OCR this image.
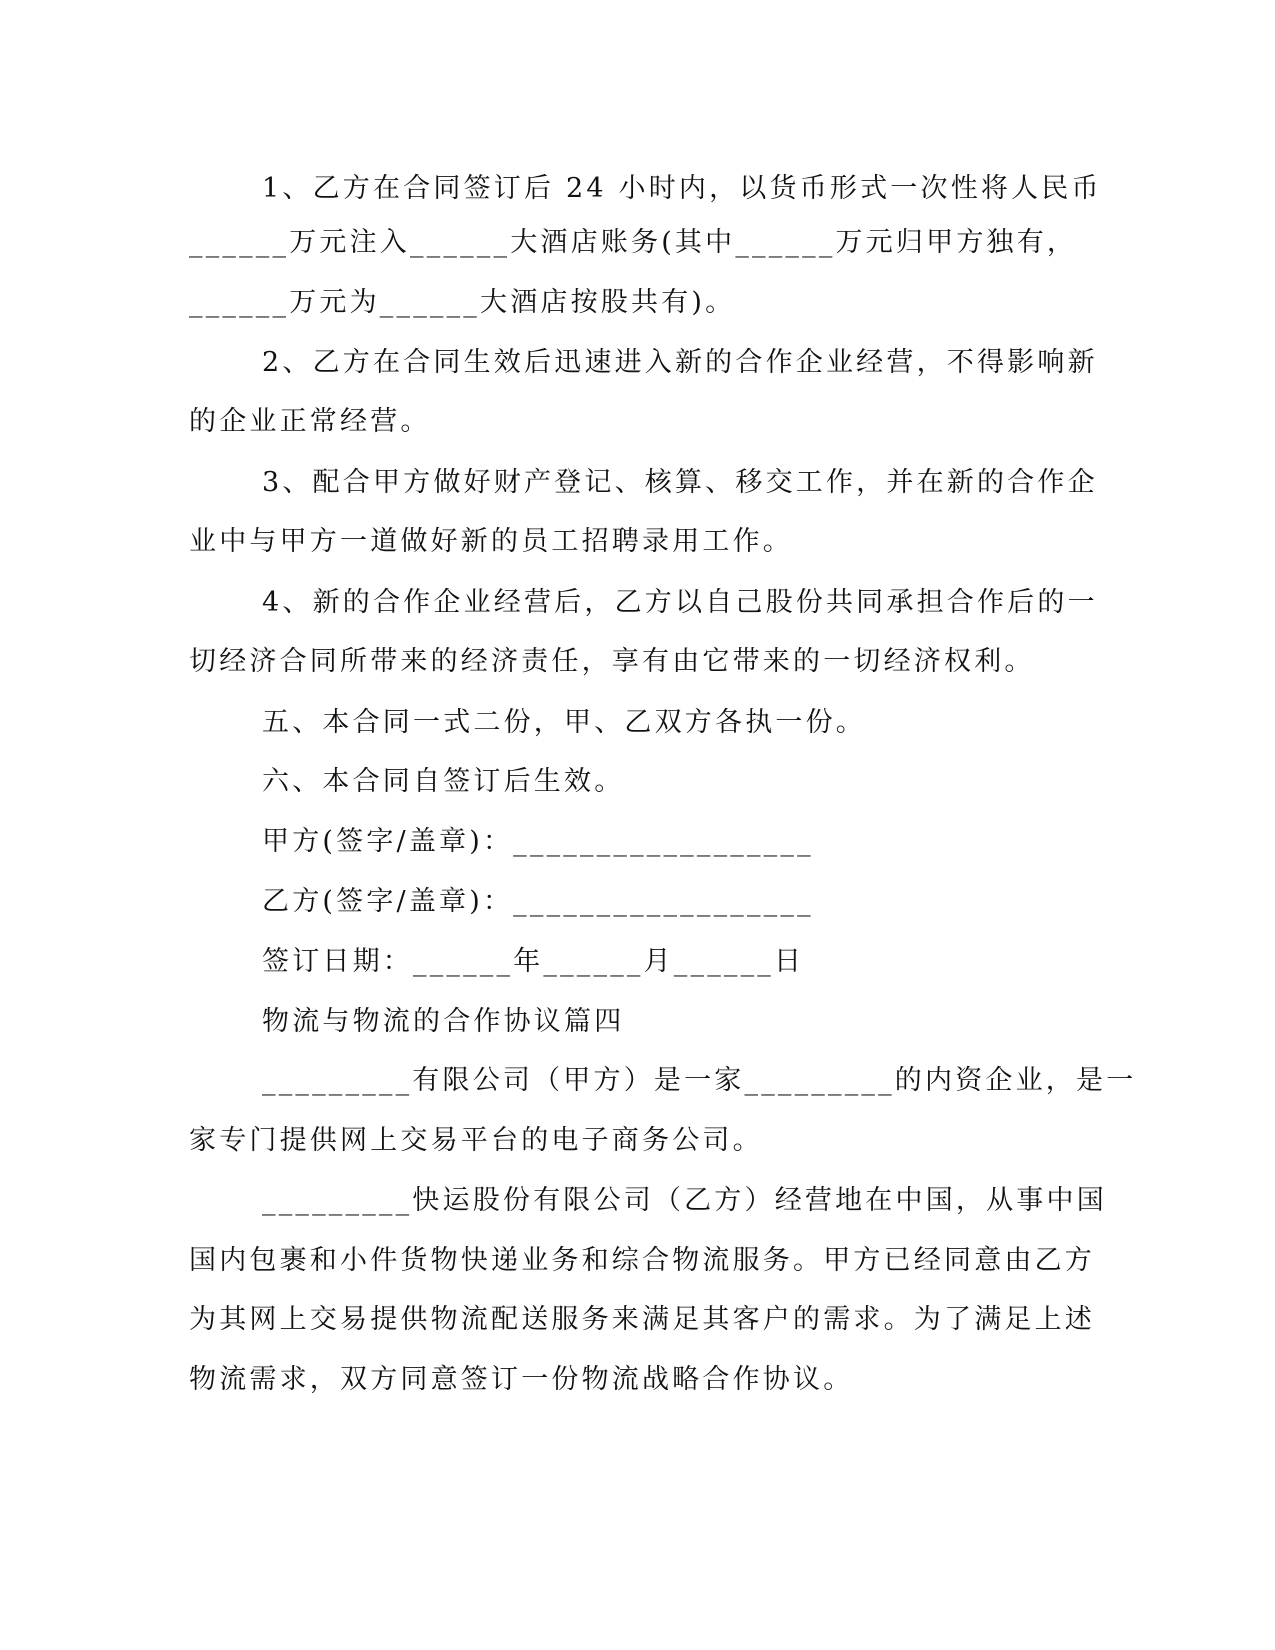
1、乙方在合同签订后 24 小时内，以货币形式一次性将人民币
______万元注入______大酒店账务(其中______万元归甲方独有，
______万元为______大酒店按股共有)。
2、乙方在合同生效后迅速进入新的合作企业经营，不得影响新
的企业正常经营。
3、配合甲方做好财产登记、核算、移交工作，并在新的合作企
业中与甲方一道做好新的员工招聘录用工作。
4、新的合作企业经营后，乙方以自己股份共同承担合作后的一
切经济合同所带来的经济责任，享有由它带来的一切经济权利。
五、本合同一式二份，甲、乙双方各执一份。
六、本合同自签订后生效。
甲方(签字/盖章)：__________________
乙方(签字/盖章)：__________________
签订日期：______年______月______日
物流与物流的合作协议篇四
_________有限公司（甲方）是一家_________的内资企业，是一
家专门提供网上交易平台的电子商务公司。
_________快运股份有限公司（乙方）经营地在中国，从事中国
国内包裹和小件货物快递业务和综合物流服务。甲方已经同意由乙方
为其网上交易提供物流配送服务来满足其客户的需求。为了满足上述
物流需求，双方同意签订一份物流战略合作协议。
